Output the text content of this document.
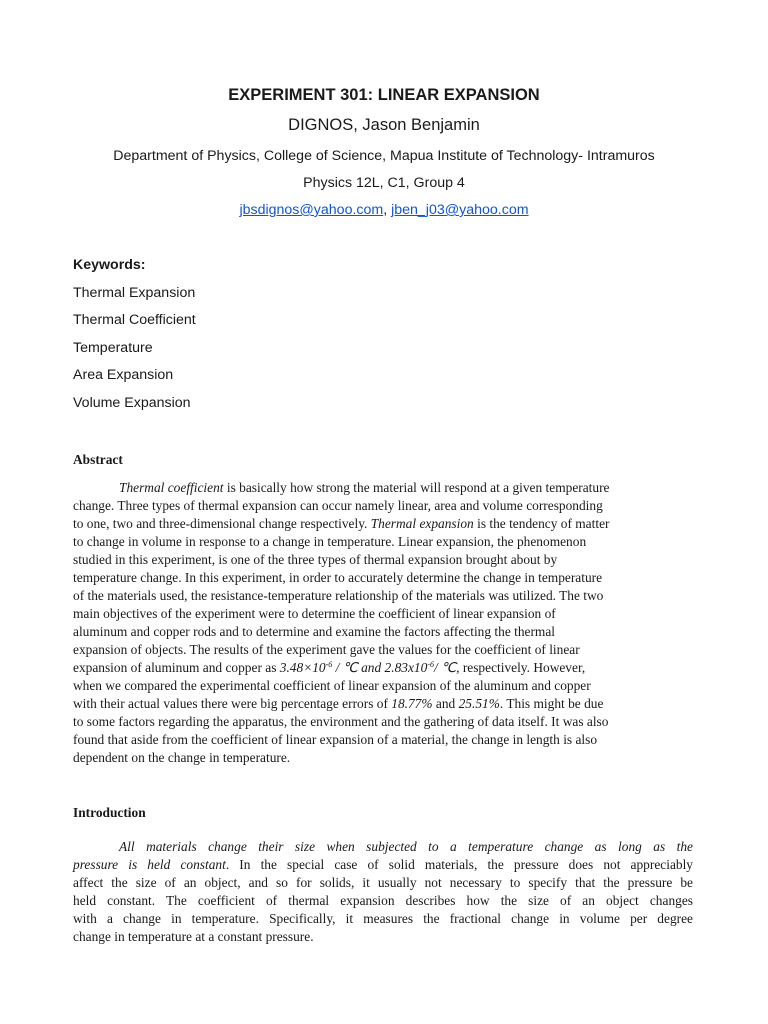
EXPERIMENT 301: LINEAR EXPANSION
DIGNOS, Jason Benjamin
Department of Physics, College of Science, Mapua Institute of Technology- Intramuros
Physics 12L, C1, Group 4
jbsdignos@yahoo.com, jben_j03@yahoo.com
Keywords:
Thermal Expansion
Thermal Coefficient
Temperature
Area Expansion
Volume Expansion
Abstract
Thermal coefficient is basically how strong the material will respond at a given temperature
change. Three types of thermal expansion can occur namely linear, area and volume corresponding
to one, two and three-dimensional change respectively. Thermal expansion is the tendency of matter
to change in volume in response to a change in temperature. Linear expansion, the phenomenon
studied in this experiment, is one of the three types of thermal expansion brought about by
temperature change. In this experiment, in order to accurately determine the change in temperature
of the materials used, the resistance-temperature relationship of the materials was utilized. The two
main objectives of the experiment were to determine the coefficient of linear expansion of
aluminum and copper rods and to determine and examine the factors affecting the thermal
expansion of objects. The results of the experiment gave the values for the coefficient of linear
expansion of aluminum and copper as $3.48\times 10^{-6}$ / ℃ and $2.83x10^{-6}/$ ℃, respectively. However,
when we compared the experimental coefficient of linear expansion of the aluminum and copper
with their actual values there were big percentage errors of 18.77% and 25.51%. This might be due
to some factors regarding the apparatus, the environment and the gathering of data itself. It was also
found that aside from the coefficient of linear expansion of a material, the change in length is also
dependent on the change in temperature.
Introduction
All materials change their size when subjected to a temperature change as long as the
pressure is held constant. In the special case of solid materials, the pressure does not appreciably
affect the size of an object, and so for solids, it usually not necessary to specify that the pressure be
held constant. The coefficient of thermal expansion describes how the size of an object changes
with a change in temperature. Specifically, it measures the fractional change in volume per degree
change in temperature at a constant pressure.
